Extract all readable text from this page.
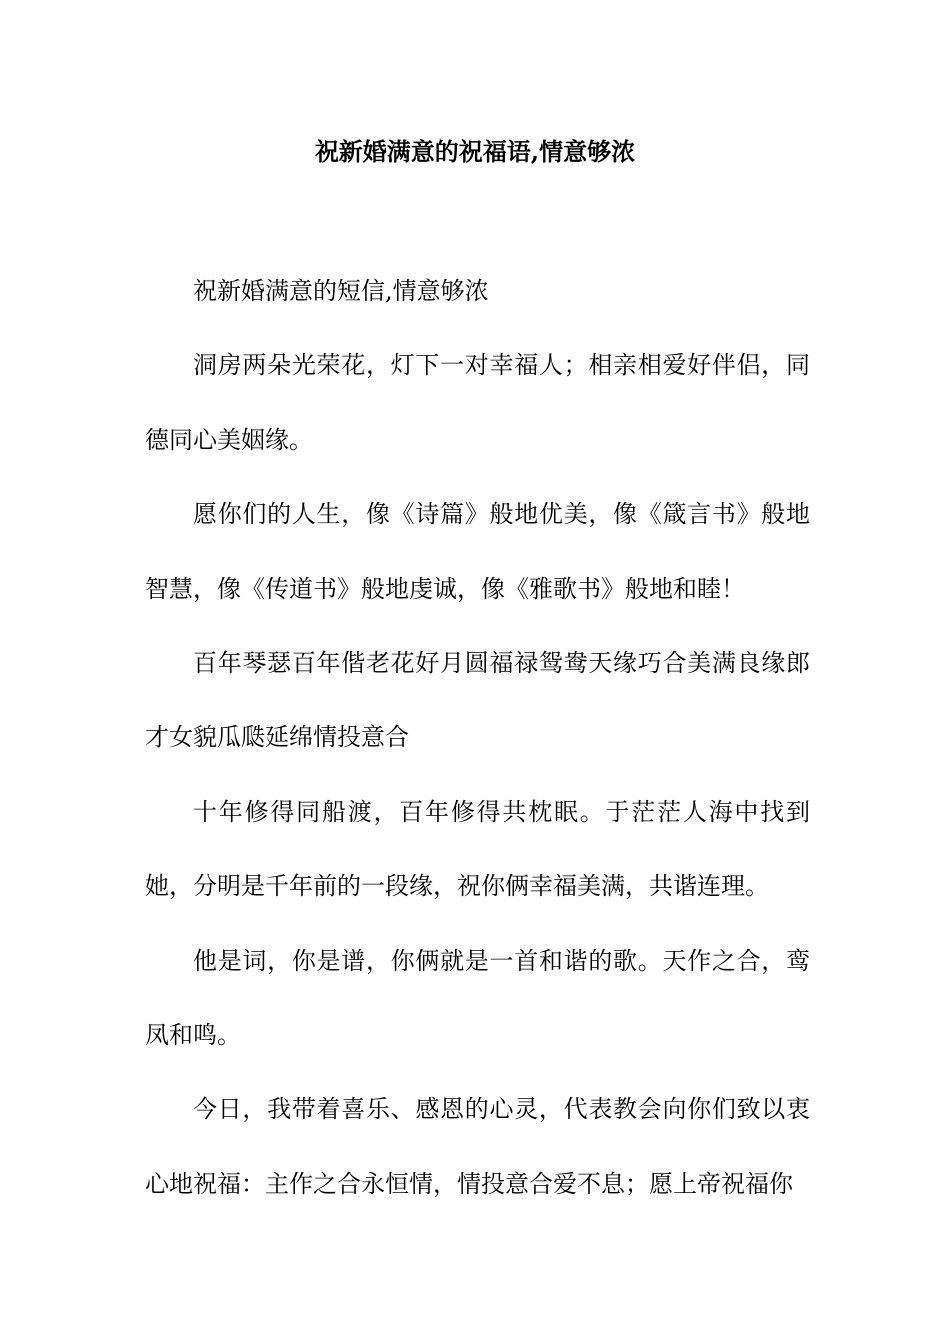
祝新婚满意的祝福语,情意够浓

祝新婚满意的短信,情意够浓

洞房两朵光荣花，灯下一对幸福人；相亲相爱好伴侣，同德同心美姻缘。

愿你们的人生，像《诗篇》般地优美，像《箴言书》般地智慧，像《传道书》般地虔诚，像《雅歌书》般地和睦！

百年琴瑟百年偕老花好月圆福禄鸳鸯天缘巧合美满良缘郎才女貌瓜瓞延绵情投意合

十年修得同船渡，百年修得共枕眠。于茫茫人海中找到她，分明是千年前的一段缘，祝你俩幸福美满，共谐连理。

他是词，你是谱，你俩就是一首和谐的歌。天作之合，鸾凤和鸣。

今日，我带着喜乐、感恩的心灵，代表教会向你们致以衷心地祝福：主作之合永恒情，情投意合爱不息；愿上帝祝福你
